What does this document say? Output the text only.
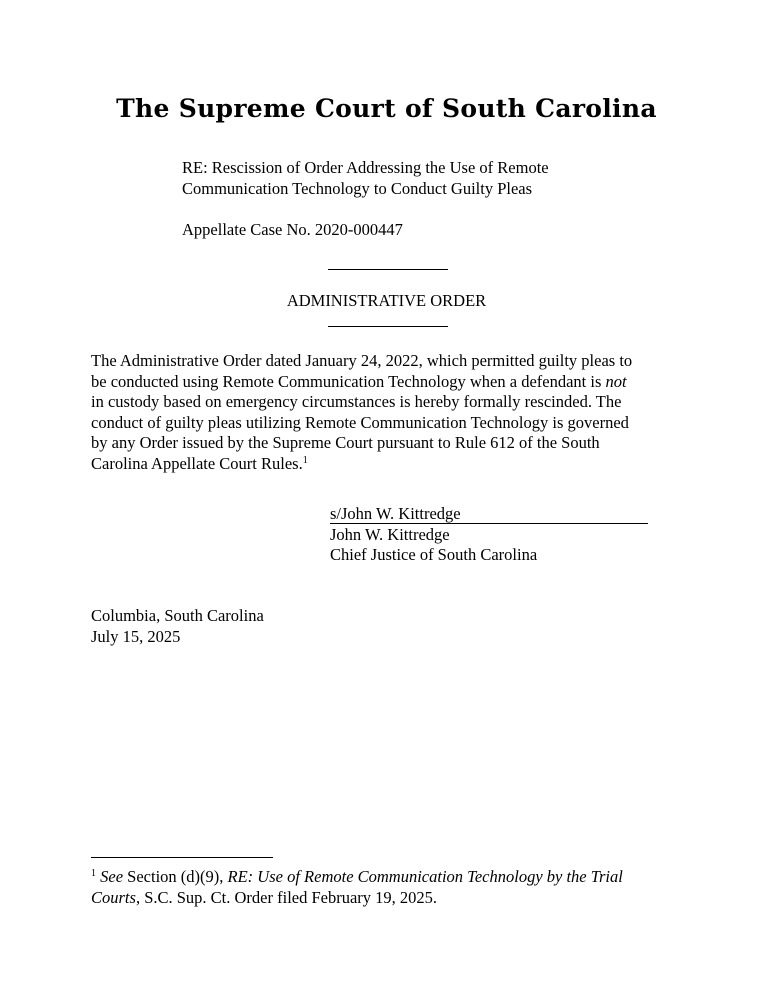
The Supreme Court of South Carolina
RE: Rescission of Order Addressing the Use of Remote
Communication Technology to Conduct Guilty Pleas
Appellate Case No. 2020-000447
ADMINISTRATIVE ORDER
The Administrative Order dated January 24, 2022, which permitted guilty pleas to
be conducted using Remote Communication Technology when a defendant is not
in custody based on emergency circumstances is hereby formally rescinded. The
conduct of guilty pleas utilizing Remote Communication Technology is governed
by any Order issued by the Supreme Court pursuant to Rule 612 of the South
Carolina Appellate Court Rules.$^1$
s/John W. Kittredge
John W. Kittredge
Chief Justice of South Carolina
Columbia, South Carolina
July 15, 2025
$^1$ See Section (d)(9), RE: Use of Remote Communication Technology by the Trial
Courts, S.C. Sup. Ct. Order filed February 19, 2025.
